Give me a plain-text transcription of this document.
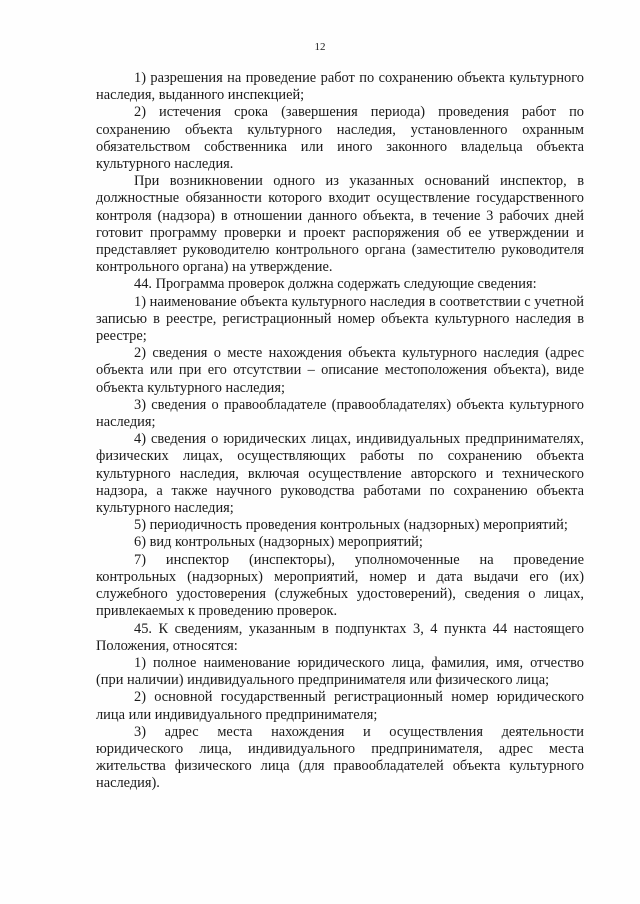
12

1) разрешения на проведение работ по сохранению объекта культурного наследия, выданного инспекцией;

2) истечения срока (завершения периода) проведения работ по сохранению объекта культурного наследия, установленного охранным обязательством собственника или иного законного владельца объекта культурного наследия.

При возникновении одного из указанных оснований инспектор, в должностные обязанности которого входит осуществление государственного контроля (надзора) в отношении данного объекта, в течение 3 рабочих дней готовит программу проверки и проект распоряжения об ее утверждении и представляет руководителю контрольного органа (заместителю руководителя контрольного органа) на утверждение.

44. Программа проверок должна содержать следующие сведения:

1) наименование объекта культурного наследия в соответствии с учетной записью в реестре, регистрационный номер объекта культурного наследия в реестре;

2) сведения о месте нахождения объекта культурного наследия (адрес объекта или при его отсутствии – описание местоположения объекта), виде объекта культурного наследия;

3) сведения о правообладателе (правообладателях) объекта культурного наследия;

4) сведения о юридических лицах, индивидуальных предпринимателях, физических лицах, осуществляющих работы по сохранению объекта культурного наследия, включая осуществление авторского и технического надзора, а также научного руководства работами по сохранению объекта культурного наследия;

5) периодичность проведения контрольных (надзорных) мероприятий;

6) вид контрольных (надзорных) мероприятий;

7) инспектор (инспекторы), уполномоченные на проведение контрольных (надзорных) мероприятий, номер и дата выдачи его (их) служебного удостоверения (служебных удостоверений), сведения о лицах, привлекаемых к проведению проверок.

45. К сведениям, указанным в подпунктах 3, 4 пункта 44 настоящего Положения, относятся:

1) полное наименование юридического лица, фамилия, имя, отчество (при наличии) индивидуального предпринимателя или физического лица;

2) основной государственный регистрационный номер юридического лица или индивидуального предпринимателя;

3) адрес места нахождения и осуществления деятельности юридического лица, индивидуального предпринимателя, адрес места жительства физического лица (для правообладателей объекта культурного наследия).
